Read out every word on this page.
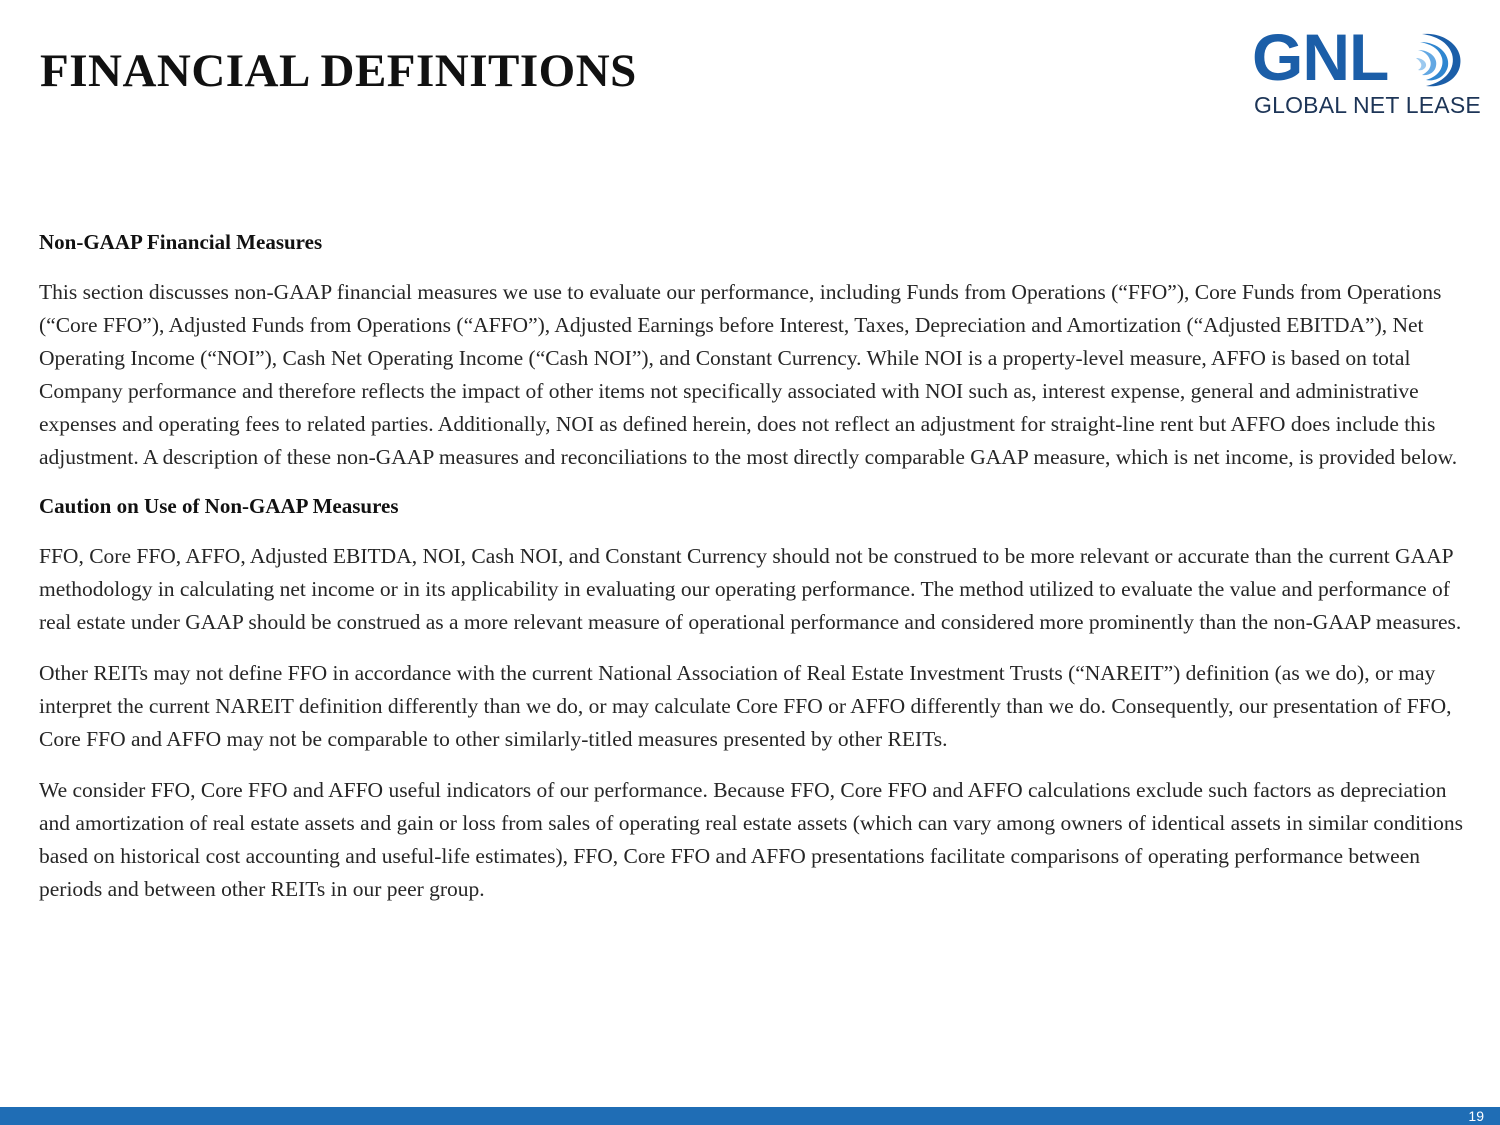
FINANCIAL DEFINITIONS	GNL
GLOBAL NET LEASE
Non-GAAP Financial Measures

This section discusses non-GAAP financial measures we use to evaluate our performance, including Funds from Operations (“FFO”), Core Funds from Operations (“Core FFO”), Adjusted Funds from Operations (“AFFO”), Adjusted Earnings before Interest, Taxes, Depreciation and Amortization (“Adjusted EBITDA”), Net Operating Income (“NOI”), Cash Net Operating Income (“Cash NOI”), and Constant Currency. While NOI is a property-level measure, AFFO is based on total Company performance and therefore reflects the impact of other items not specifically associated with NOI such as, interest expense, general and administrative expenses and operating fees to related parties. Additionally, NOI as defined herein, does not reflect an adjustment for straight-line rent but AFFO does include this adjustment. A description of these non-GAAP measures and reconciliations to the most directly comparable GAAP measure, which is net income, is provided below.

Caution on Use of Non-GAAP Measures

FFO, Core FFO, AFFO, Adjusted EBITDA, NOI, Cash NOI, and Constant Currency should not be construed to be more relevant or accurate than the current GAAP methodology in calculating net income or in its applicability in evaluating our operating performance. The method utilized to evaluate the value and performance of real estate under GAAP should be construed as a more relevant measure of operational performance and considered more prominently than the non-GAAP measures.

Other REITs may not define FFO in accordance with the current National Association of Real Estate Investment Trusts (“NAREIT”) definition (as we do), or may interpret the current NAREIT definition differently than we do, or may calculate Core FFO or AFFO differently than we do. Consequently, our presentation of FFO, Core FFO and AFFO may not be comparable to other similarly-titled measures presented by other REITs.

We consider FFO, Core FFO and AFFO useful indicators of our performance. Because FFO, Core FFO and AFFO calculations exclude such factors as depreciation and amortization of real estate assets and gain or loss from sales of operating real estate assets (which can vary among owners of identical assets in similar conditions based on historical cost accounting and useful-life estimates), FFO, Core FFO and AFFO presentations facilitate comparisons of operating performance between periods and between other REITs in our peer group.

19
